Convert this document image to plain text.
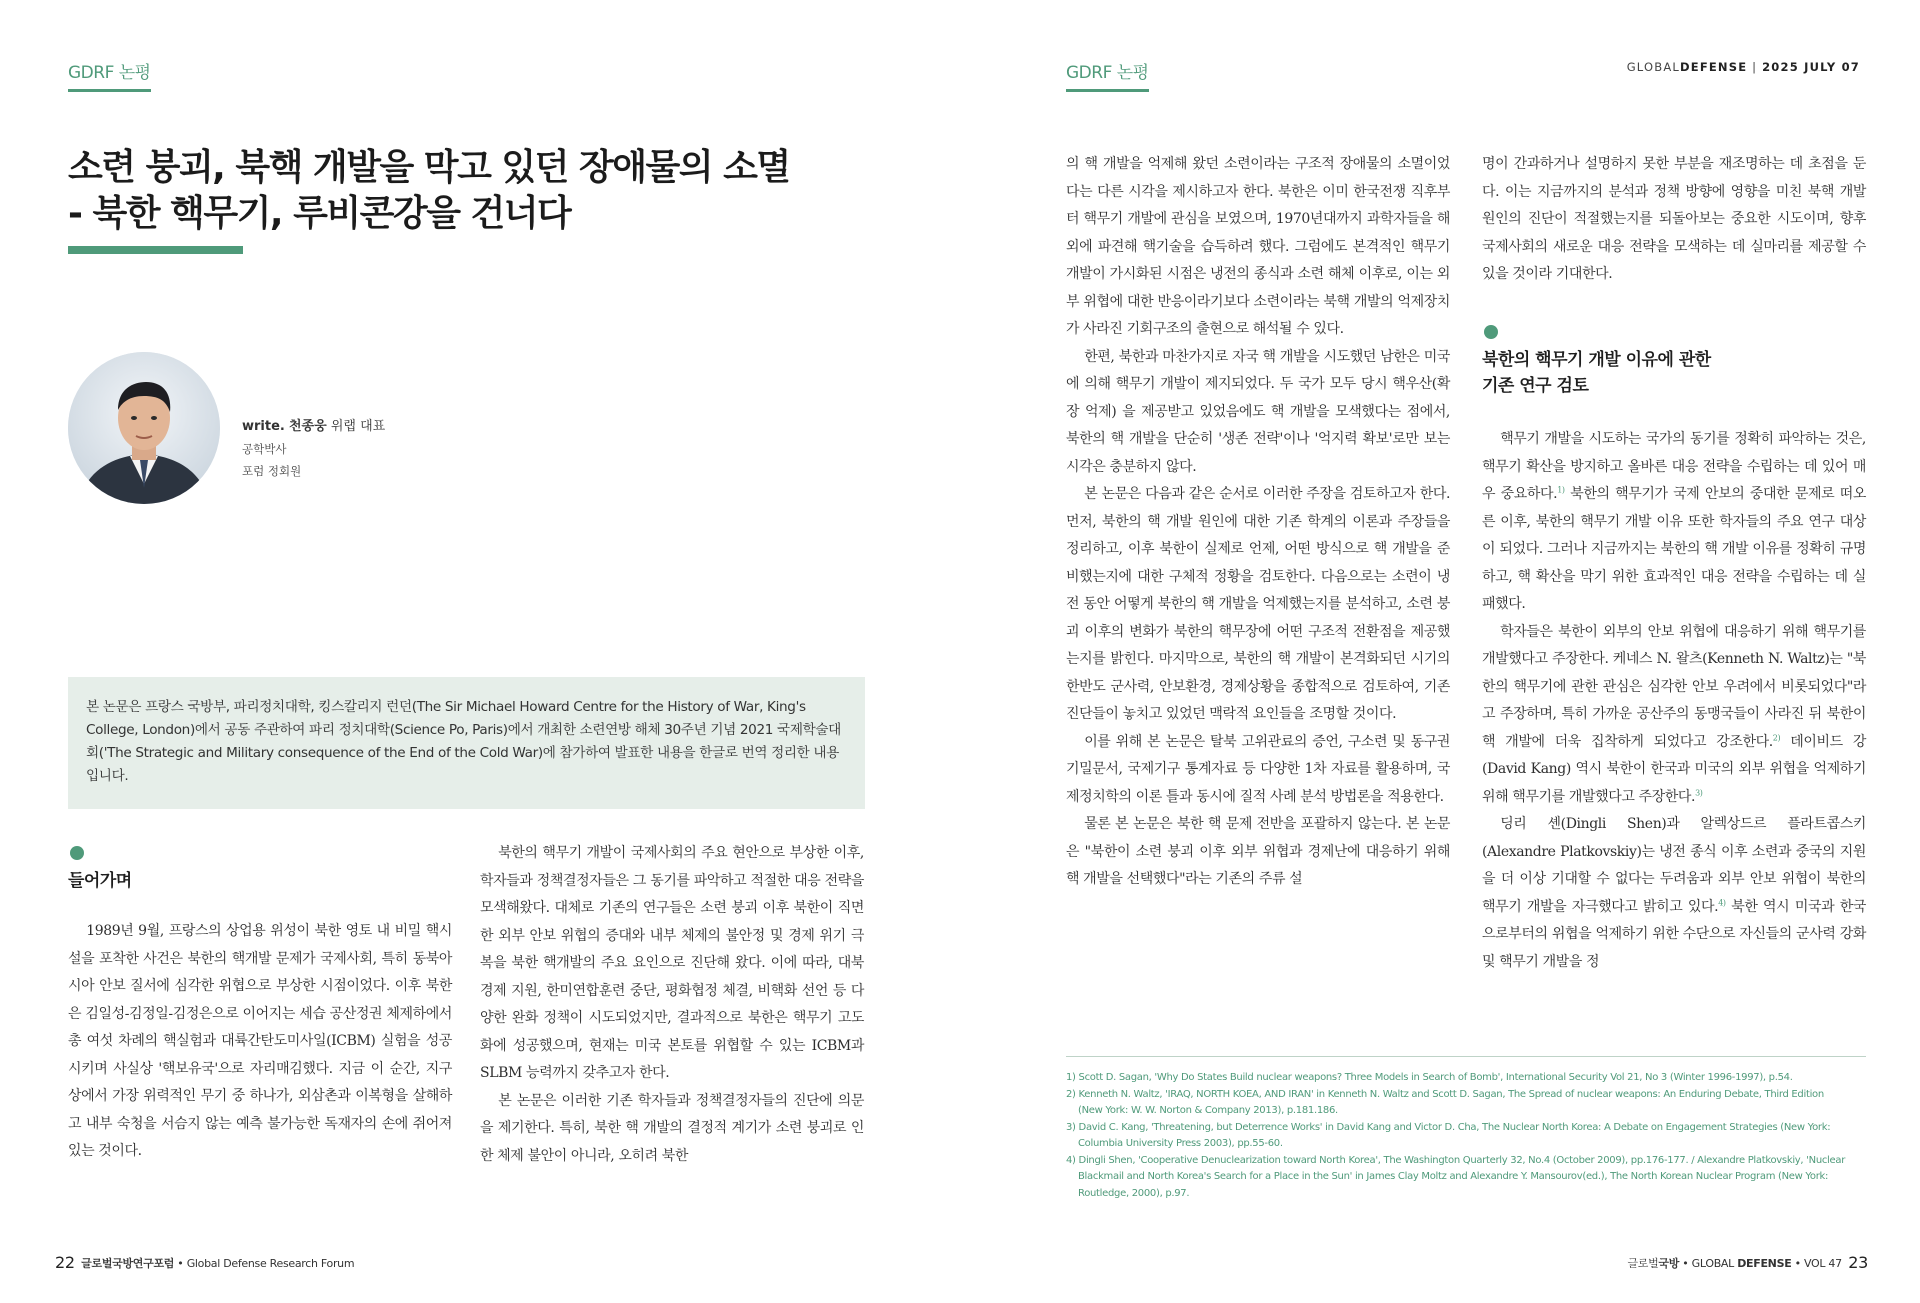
GDRF 논평
소련 붕괴, 북핵 개발을 막고 있던 장애물의 소멸
- 북한 핵무기, 루비콘강을 건너다
write. 천종웅 위랩 대표
공학박사
포럼 정회원
본 논문은 프랑스 국방부, 파리정치대학, 킹스칼리지 런던(The Sir Michael Howard Centre for the History of War, King's College, London)에서 공동 주관하여 파리 정치대학(Science Po, Paris)에서 개최한 소련연방 해체 30주년 기념 2021 국제학술대회('The Strategic and Military consequence of the End of the Cold War)에 참가하여 발표한 내용을 한글로 번역 정리한 내용입니다.
들어가며

1989년 9월, 프랑스의 상업용 위성이 북한 영토 내 비밀 핵시설을 포착한 사건은 북한의 핵개발 문제가 국제사회, 특히 동북아시아 안보 질서에 심각한 위협으로 부상한 시점이었다. 이후 북한은 김일성-김정일-김정은으로 이어지는 세습 공산정권 체제하에서 총 여섯 차례의 핵실험과 대륙간탄도미사일(ICBM) 실험을 성공시키며 사실상 '핵보유국'으로 자리매김했다. 지금 이 순간, 지구상에서 가장 위력적인 무기 중 하나가, 외삼촌과 이복형을 살해하고 내부 숙청을 서슴지 않는 예측 불가능한 독재자의 손에 쥐어져 있는 것이다.

북한의 핵무기 개발이 국제사회의 주요 현안으로 부상한 이후, 학자들과 정책결정자들은 그 동기를 파악하고 적절한 대응 전략을 모색해왔다. 대체로 기존의 연구들은 소련 붕괴 이후 북한이 직면한 외부 안보 위협의 증대와 내부 체제의 불안정 및 경제 위기 극복을 북한 핵개발의 주요 요인으로 진단해 왔다. 이에 따라, 대북 경제 지원, 한미연합훈련 중단, 평화협정 체결, 비핵화 선언 등 다양한 완화 정책이 시도되었지만, 결과적으로 북한은 핵무기 고도화에 성공했으며, 현재는 미국 본토를 위협할 수 있는 ICBM과 SLBM 능력까지 갖추고자 한다.

본 논문은 이러한 기존 학자들과 정책결정자들의 진단에 의문을 제기한다. 특히, 북한 핵 개발의 결정적 계기가 소련 붕괴로 인한 체제 불안이 아니라, 오히려 북한

22 글로벌국방연구포럼 • Global Defense Research Forum
GDRF 논평	GLOBALDEFENSE | 2025 JULY 07

의 핵 개발을 억제해 왔던 소련이라는 구조적 장애물의 소멸이었다는 다른 시각을 제시하고자 한다. 북한은 이미 한국전쟁 직후부터 핵무기 개발에 관심을 보였으며, 1970년대까지 과학자들을 해외에 파견해 핵기술을 습득하려 했다. 그럼에도 본격적인 핵무기 개발이 가시화된 시점은 냉전의 종식과 소련 해체 이후로, 이는 외부 위협에 대한 반응이라기보다 소련이라는 북핵 개발의 억제장치가 사라진 기회구조의 출현으로 해석될 수 있다.

한편, 북한과 마찬가지로 자국 핵 개발을 시도했던 남한은 미국에 의해 핵무기 개발이 제지되었다. 두 국가 모두 당시 핵우산(확장 억제) 을 제공받고 있었음에도 핵 개발을 모색했다는 점에서, 북한의 핵 개발을 단순히 '생존 전략'이나 '억지력 확보'로만 보는 시각은 충분하지 않다.

본 논문은 다음과 같은 순서로 이러한 주장을 검토하고자 한다. 먼저, 북한의 핵 개발 원인에 대한 기존 학계의 이론과 주장들을 정리하고, 이후 북한이 실제로 언제, 어떤 방식으로 핵 개발을 준비했는지에 대한 구체적 정황을 검토한다. 다음으로는 소련이 냉전 동안 어떻게 북한의 핵 개발을 억제했는지를 분석하고, 소련 붕괴 이후의 변화가 북한의 핵무장에 어떤 구조적 전환점을 제공했는지를 밝힌다. 마지막으로, 북한의 핵 개발이 본격화되던 시기의 한반도 군사력, 안보환경, 경제상황을 종합적으로 검토하여, 기존 진단들이 놓치고 있었던 맥락적 요인들을 조명할 것이다.

이를 위해 본 논문은 탈북 고위관료의 증언, 구소련 및 동구권 기밀문서, 국제기구 통계자료 등 다양한 1차 자료를 활용하며, 국제정치학의 이론 틀과 동시에 질적 사례 분석 방법론을 적용한다.

물론 본 논문은 북한 핵 문제 전반을 포괄하지 않는다. 본 논문은 "북한이 소련 붕괴 이후 외부 위협과 경제난에 대응하기 위해 핵 개발을 선택했다"라는 기존의 주류 설

명이 간과하거나 설명하지 못한 부분을 재조명하는 데 초점을 둔다. 이는 지금까지의 분석과 정책 방향에 영향을 미친 북핵 개발 원인의 진단이 적절했는지를 되돌아보는 중요한 시도이며, 향후 국제사회의 새로운 대응 전략을 모색하는 데 실마리를 제공할 수 있을 것이라 기대한다.

북한의 핵무기 개발 이유에 관한
기존 연구 검토

핵무기 개발을 시도하는 국가의 동기를 정확히 파악하는 것은, 핵무기 확산을 방지하고 올바른 대응 전략을 수립하는 데 있어 매우 중요하다.$^{1)}$ 북한의 핵무기가 국제 안보의 중대한 문제로 떠오른 이후, 북한의 핵무기 개발 이유 또한 학자들의 주요 연구 대상이 되었다. 그러나 지금까지는 북한의 핵 개발 이유를 정확히 규명하고, 핵 확산을 막기 위한 효과적인 대응 전략을 수립하는 데 실패했다.

학자들은 북한이 외부의 안보 위협에 대응하기 위해 핵무기를 개발했다고 주장한다. 케네스 N. 왈츠(Kenneth N. Waltz)는 "북한의 핵무기에 관한 관심은 심각한 안보 우려에서 비롯되었다"라고 주장하며, 특히 가까운 공산주의 동맹국들이 사라진 뒤 북한이 핵 개발에 더욱 집착하게 되었다고 강조한다.$^{2)}$ 데이비드 강(David Kang) 역시 북한이 한국과 미국의 외부 위협을 억제하기 위해 핵무기를 개발했다고 주장한다.$^{3)}$

딩리 셴(Dingli Shen)과 알렉상드르 플라트콥스키(Alexandre Platkovskiy)는 냉전 종식 이후 소련과 중국의 지원을 더 이상 기대할 수 없다는 두려움과 외부 안보 위협이 북한의 핵무기 개발을 자극했다고 밝히고 있다.$^{4)}$ 북한 역시 미국과 한국으로부터의 위협을 억제하기 위한 수단으로 자신들의 군사력 강화 및 핵무기 개발을 정

1) Scott D. Sagan, 'Why Do States Build nuclear weapons? Three Models in Search of Bomb', International Security Vol 21, No 3 (Winter 1996-1997), p.54.
2) Kenneth N. Waltz, 'IRAQ, NORTH KOEA, AND IRAN' in Kenneth N. Waltz and Scott D. Sagan, The Spread of nuclear weapons: An Enduring Debate, Third Edition
(New York: W. W. Norton & Company 2013), p.181.186.
3) David C. Kang, 'Threatening, but Deterrence Works' in David Kang and Victor D. Cha, The Nuclear North Korea: A Debate on Engagement Strategies (New York:
Columbia University Press 2003), pp.55-60.
4) Dingli Shen, 'Cooperative Denuclearization toward North Korea', The Washington Quarterly 32, No.4 (October 2009), pp.176-177. / Alexandre Platkovskiy, 'Nuclear
Blackmail and North Korea's Search for a Place in the Sun' in James Clay Moltz and Alexandre Y. Mansourov(ed.), The North Korean Nuclear Program (New York:
Routledge, 2000), p.97.
글로벌국방 • GLOBAL DEFENSE • VOL 47 23
